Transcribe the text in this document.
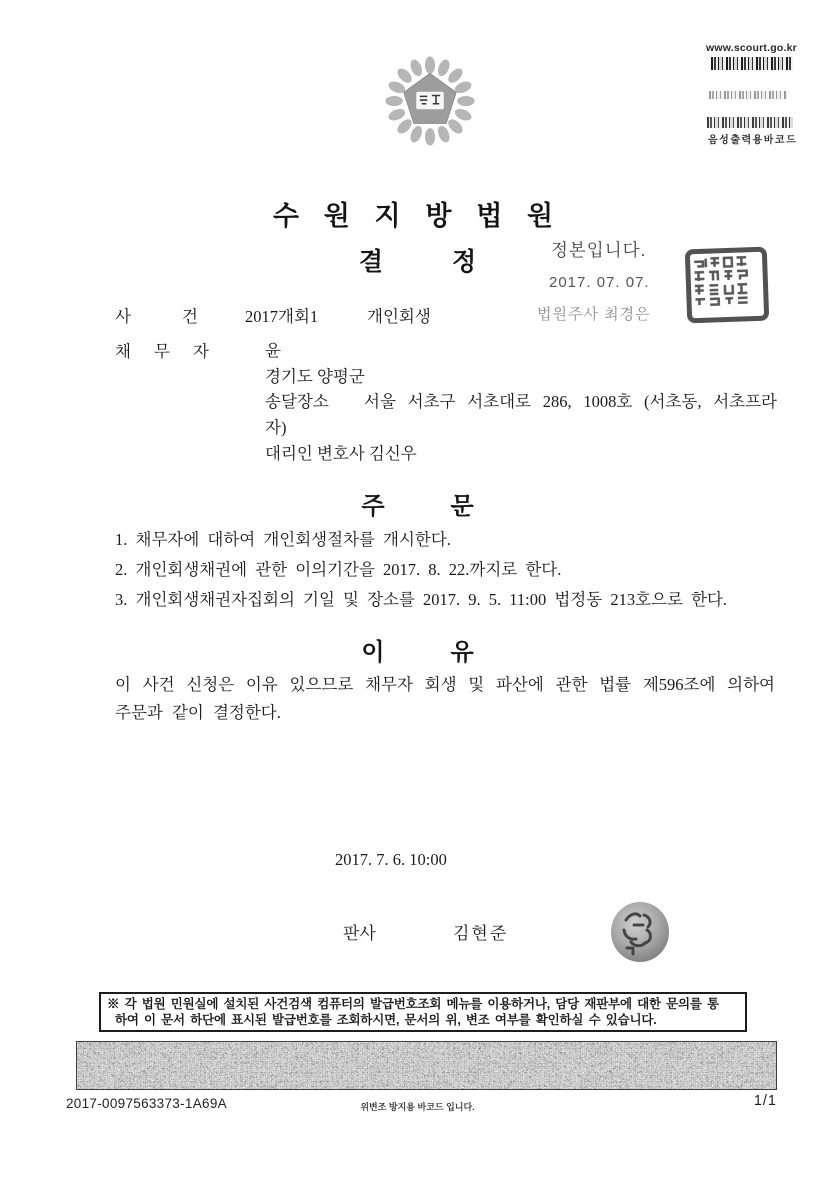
www.scourt.go.kr
음성출력용바코드
수 원 지 방 법 원
결	정	정본입니다.
2017. 07. 07.
법원주사 최경은
사건
2017개회1	개인회생
채무자 윤
경기도 양평군
송달장소   서울 서초구 서초대로 286, 1008호 (서초동, 서초프라
자)
대리인 변호사 김신우
주	문
1. 채무자에 대하여 개인회생절차를 개시한다.
2. 개인회생채권에 관한 이의기간을 2017. 8. 22.까지로 한다.
3. 개인회생채권자집회의 기일 및 장소를 2017. 9. 5. 11:00 법정동 213호으로 한다.
이	유
이 사건 신청은 이유 있으므로 채무자 회생 및 파산에 관한 법률 제596조에 의하여
주문과 같이 결정한다.
2017. 7. 6. 10:00
판사	김현준
※ 각 법원 민원실에 설치된 사건검색 컴퓨터의 발급번호조회 메뉴를 이용하거나, 담당 재판부에 대한 문의를 통
하여 이 문서 하단에 표시된 발급번호를 조회하시면, 문서의 위, 변조 여부를 확인하실 수 있습니다.
2017-0097563373-1A69A	위변조 방지용 바코드 입니다.	1/1
